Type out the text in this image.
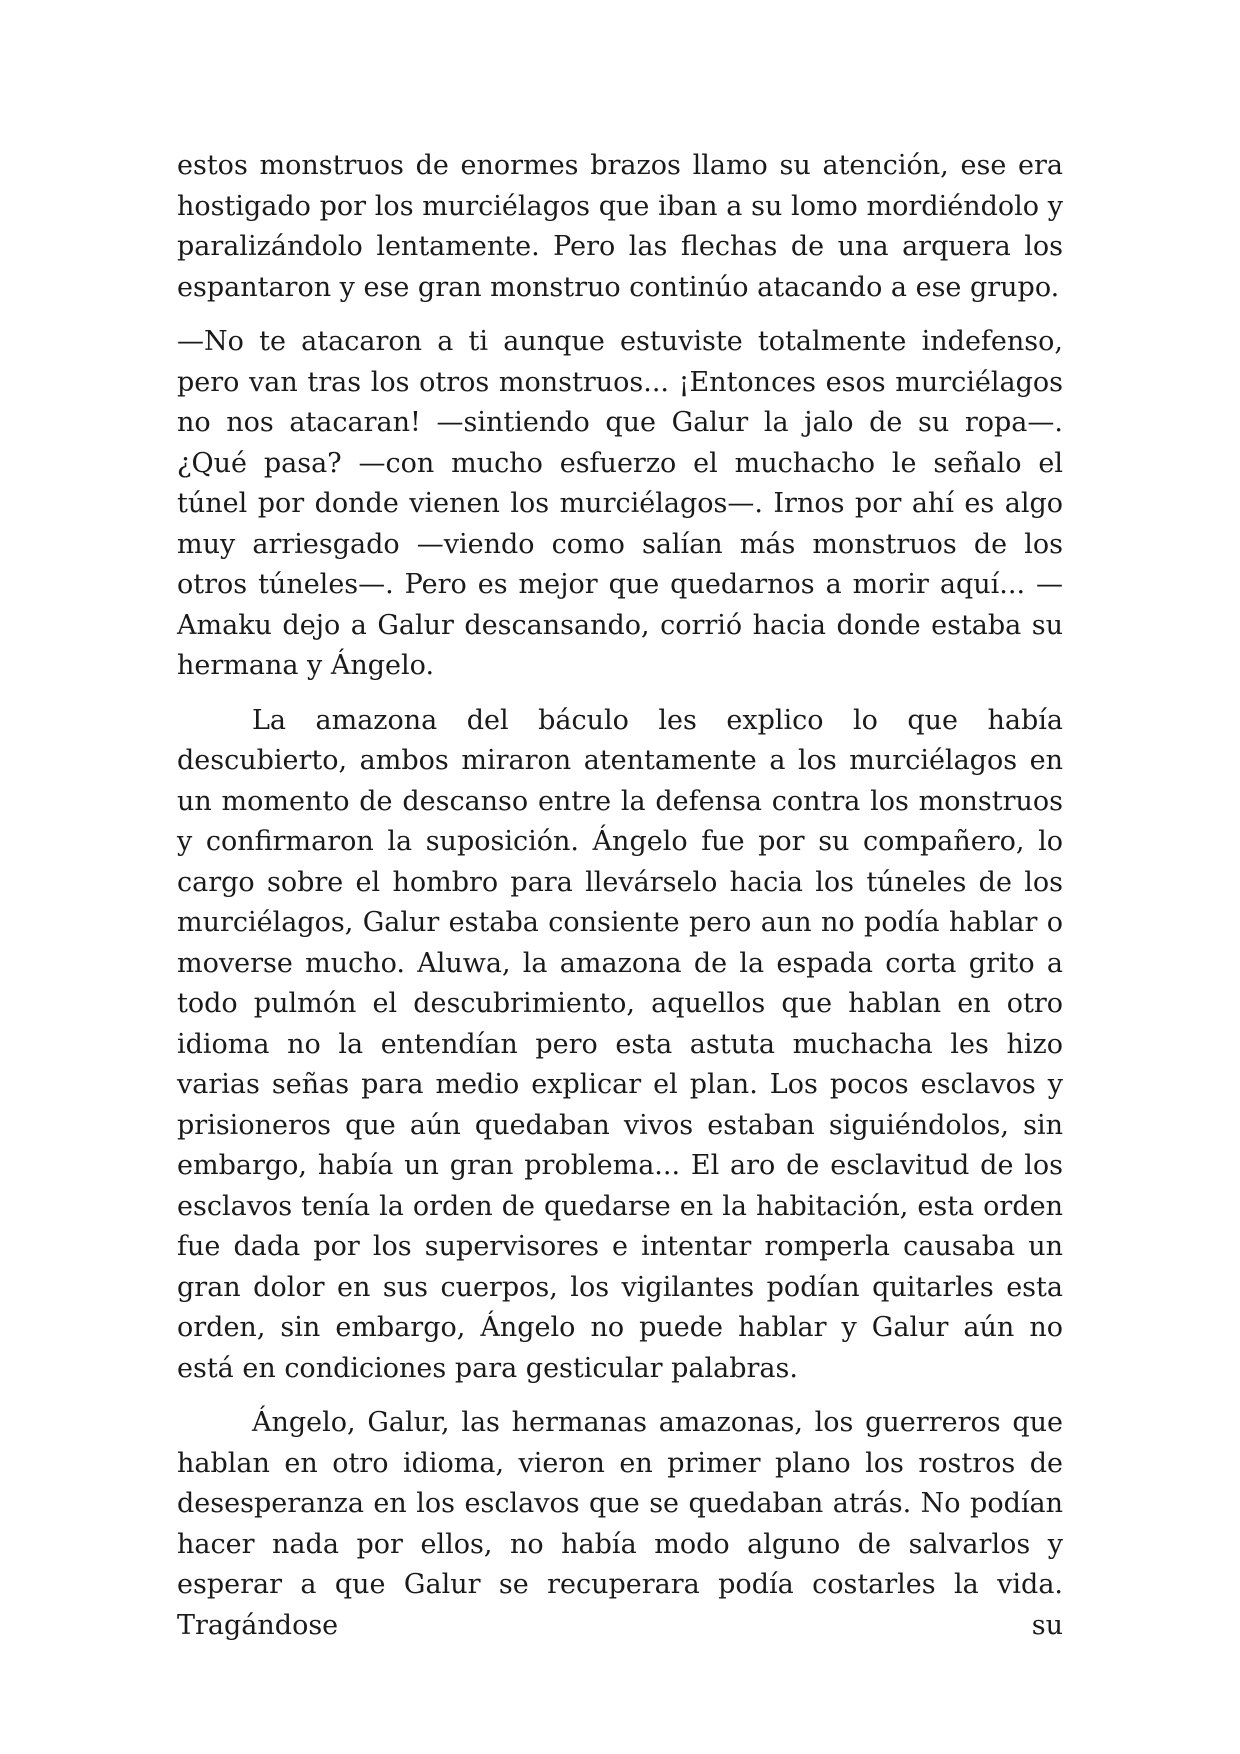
estos monstruos de enormes brazos llamo su atención, ese era hostigado por los murciélagos que iban a su lomo mordiéndolo y paralizándolo lentamente. Pero las flechas de una arquera los espantaron y ese gran monstruo continúo atacando a ese grupo.

—No te atacaron a ti aunque estuviste totalmente indefenso, pero van tras los otros monstruos... ¡Entonces esos murciélagos no nos atacaran! —sintiendo que Galur la jalo de su ropa—. ¿Qué pasa? —con mucho esfuerzo el muchacho le señalo el túnel por donde vienen los murciélagos—. Irnos por ahí es algo muy arriesgado —viendo como salían más monstruos de los otros túneles—. Pero es mejor que quedarnos a morir aquí... —Amaku dejo a Galur descansando, corrió hacia donde estaba su hermana y Ángelo.

La amazona del báculo les explico lo que había descubierto, ambos miraron atentamente a los murciélagos en un momento de descanso entre la defensa contra los monstruos y confirmaron la suposición. Ángelo fue por su compañero, lo cargo sobre el hombro para llevárselo hacia los túneles de los murciélagos, Galur estaba consiente pero aun no podía hablar o moverse mucho. Aluwa, la amazona de la espada corta grito a todo pulmón el descubrimiento, aquellos que hablan en otro idioma no la entendían pero esta astuta muchacha les hizo varias señas para medio explicar el plan. Los pocos esclavos y prisioneros que aún quedaban vivos estaban siguiéndolos, sin embargo, había un gran problema... El aro de esclavitud de los esclavos tenía la orden de quedarse en la habitación, esta orden fue dada por los supervisores e intentar romperla causaba un gran dolor en sus cuerpos, los vigilantes podían quitarles esta orden, sin embargo, Ángelo no puede hablar y Galur aún no está en condiciones para gesticular palabras.

Ángelo, Galur, las hermanas amazonas, los guerreros que hablan en otro idioma, vieron en primer plano los rostros de desesperanza en los esclavos que se quedaban atrás. No podían hacer nada por ellos, no había modo alguno de salvarlos y esperar a que Galur se recuperara podía costarles la vida. Tragándose su
